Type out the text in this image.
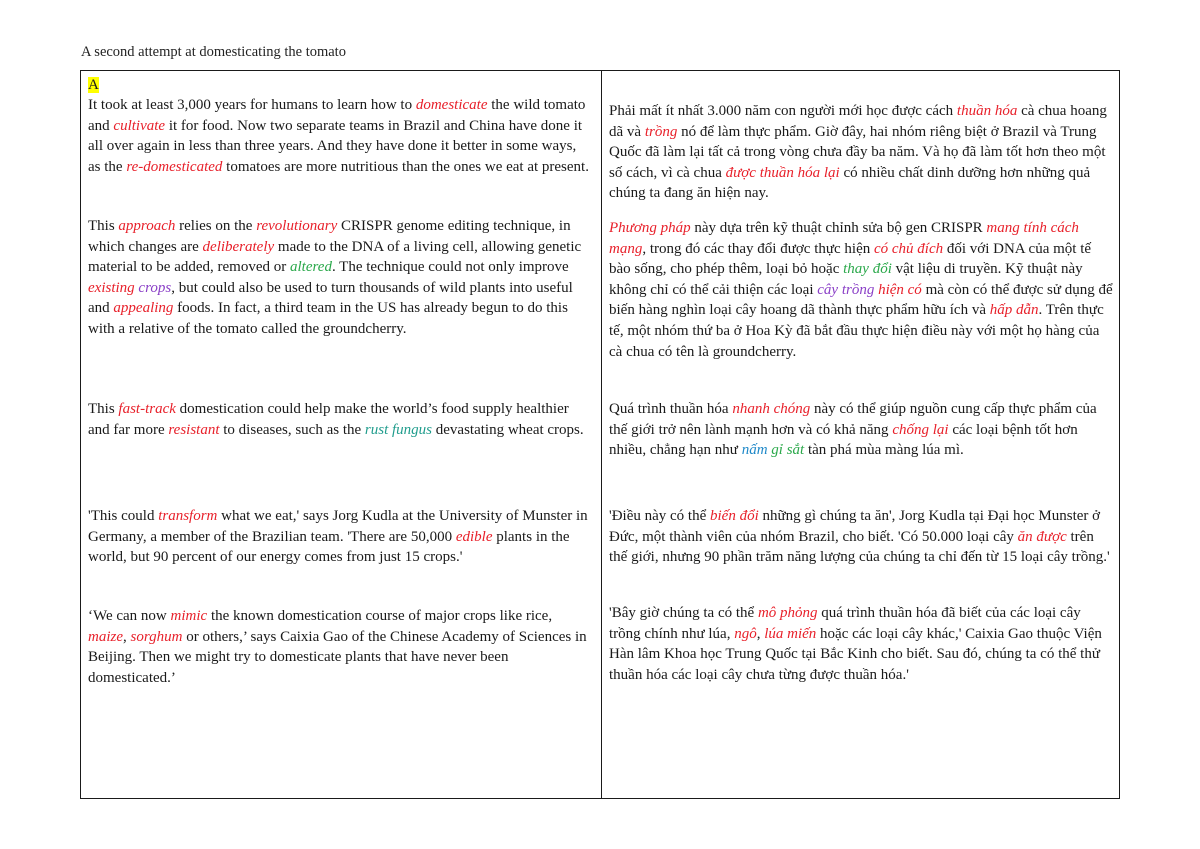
A second attempt at domesticating the tomato
A

It took at least 3,000 years for humans to learn how to domesticate the wild tomato and cultivate it for food. Now two separate teams in Brazil and China have done it all over again in less than three years. And they have done it better in some ways, as the re-domesticated tomatoes are more nutritious than the ones we eat at present.

Phải mất ít nhất 3.000 năm con người mới học được cách thuần hóa cà chua hoang dã và trồng nó để làm thực phẩm. Giờ đây, hai nhóm riêng biệt ở Brazil và Trung Quốc đã làm lại tất cả trong vòng chưa đầy ba năm. Và họ đã làm tốt hơn theo một số cách, vì cà chua được thuần hóa lại có nhiều chất dinh dưỡng hơn những quả chúng ta đang ăn hiện nay.

This approach relies on the revolutionary CRISPR genome editing technique, in which changes are deliberately made to the DNA of a living cell, allowing genetic material to be added, removed or altered. The technique could not only improve existing crops, but could also be used to turn thousands of wild plants into useful and appealing foods. In fact, a third team in the US has already begun to do this with a relative of the tomato called the groundcherry.

Phương pháp này dựa trên kỹ thuật chỉnh sửa bộ gen CRISPR mang tính cách mạng, trong đó các thay đổi được thực hiện có chủ đích đối với DNA của một tế bào sống, cho phép thêm, loại bỏ hoặc thay đổi vật liệu di truyền. Kỹ thuật này không chỉ có thể cải thiện các loại cây trồng hiện có mà còn có thể được sử dụng để biến hàng nghìn loại cây hoang dã thành thực phẩm hữu ích và hấp dẫn. Trên thực tế, một nhóm thứ ba ở Hoa Kỳ đã bắt đầu thực hiện điều này với một họ hàng của cà chua có tên là groundcherry.

This fast-track domestication could help make the world’s food supply healthier and far more resistant to diseases, such as the rust fungus devastating wheat crops.

Quá trình thuần hóa nhanh chóng này có thể giúp nguồn cung cấp thực phẩm của thế giới trở nên lành mạnh hơn và có khả năng chống lại các loại bệnh tốt hơn nhiều, chẳng hạn như nấm gỉ sắt tàn phá mùa màng lúa mì.

'This could transform what we eat,' says Jorg Kudla at the University of Munster in Germany, a member of the Brazilian team. 'There are 50,000 edible plants in the world, but 90 percent of our energy comes from just 15 crops.'

'Điều này có thể biến đổi những gì chúng ta ăn', Jorg Kudla tại Đại học Munster ở Đức, một thành viên của nhóm Brazil, cho biết. 'Có 50.000 loại cây ăn được trên thế giới, nhưng 90 phần trăm năng lượng của chúng ta chỉ đến từ 15 loại cây trồng.'

‘We can now mimic the known domestication course of major crops like rice, maize, sorghum or others,’ says Caixia Gao of the Chinese Academy of Sciences in Beijing. Then we might try to domesticate plants that have never been domesticated.’

'Bây giờ chúng ta có thể mô phỏng quá trình thuần hóa đã biết của các loại cây trồng chính như lúa, ngô, lúa miến hoặc các loại cây khác,' Caixia Gao thuộc Viện Hàn lâm Khoa học Trung Quốc tại Bắc Kinh cho biết. Sau đó, chúng ta có thể thử thuần hóa các loại cây chưa từng được thuần hóa.'
